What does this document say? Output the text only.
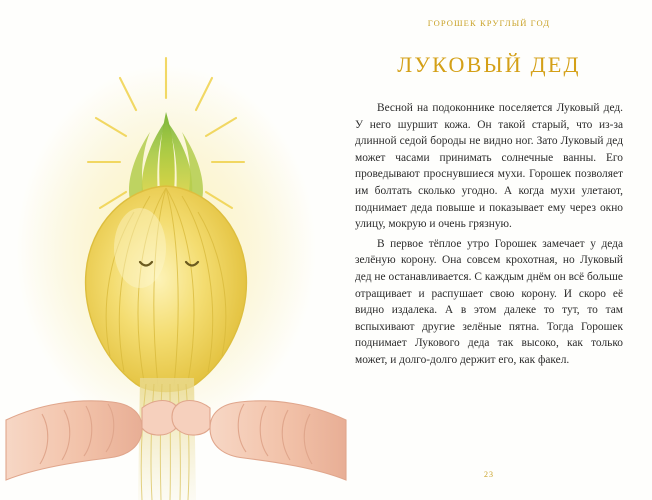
ГОРОШЕК КРУГЛЫЙ ГОД
ЛУКОВЫЙ ДЕД

Весной на подоконнике поселяется Луковый дед. У него шуршит кожа. Он такой старый, что из-за длинной седой бороды не видно ног. Зато Луковый дед может часами принимать солнечные ванны. Его проведывают проснувшиеся мухи. Горошек позволяет им болтать сколько угодно. А когда мухи улетают, поднимает деда повыше и показывает ему через окно улицу, мокрую и очень грязную.

В первое тёплое утро Горошек замечает у деда зелёную корону. Она совсем крохотная, но Луковый дед не останавливается. С каждым днём он всё больше отращивает и распушает свою корону. И скоро её видно издалека. А в этом далеке то тут, то там вспыхивают другие зелёные пятна. Тогда Горошек поднимает Лукового деда так высоко, как только может, и долго-долго держит его, как факел.

23
